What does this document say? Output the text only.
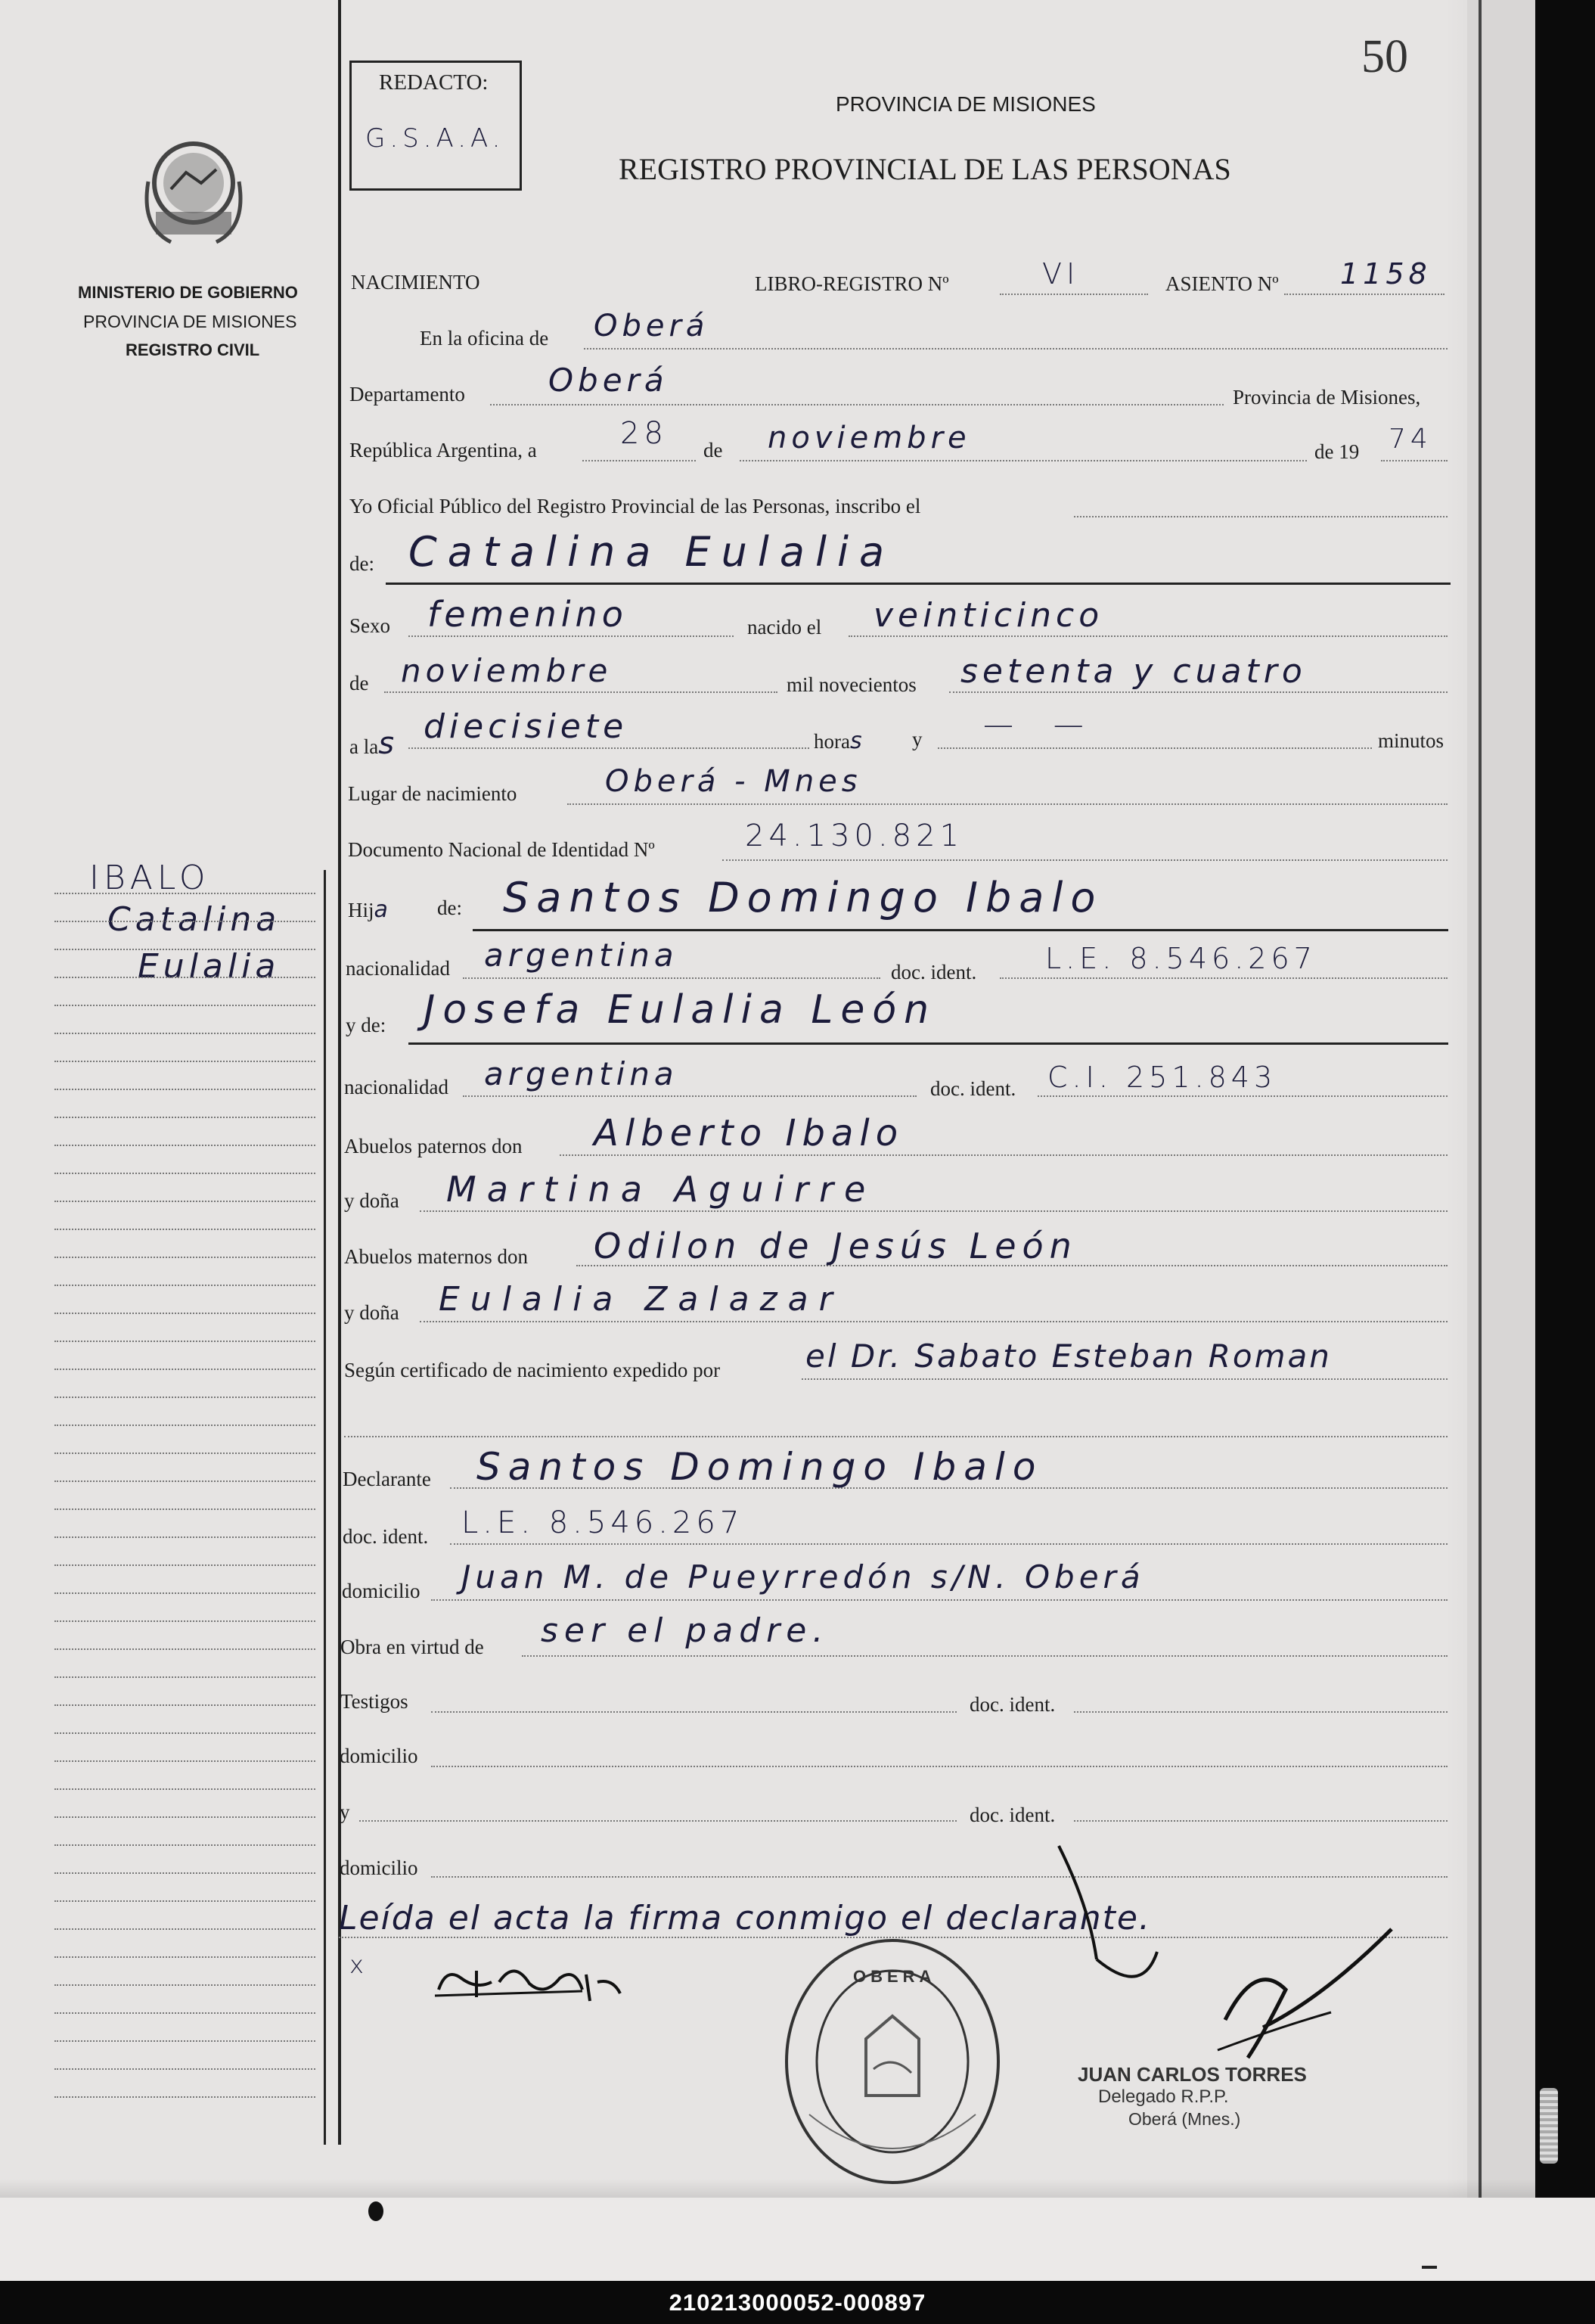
50
REDACTO:
G.S.A.A.
PROVINCIA DE MISIONES
REGISTRO PROVINCIAL DE LAS PERSONAS
MINISTERIO DE GOBIERNO
PROVINCIA DE MISIONES
REGISTRO CIVIL
IBALO
Catalina
Eulalia
NACIMIENTO	LIBRO-REGISTRO Nº	VI	ASIENTO Nº 1158
En la oficina de Oberá
Departamento	Oberá	Provincia de Misiones,
República Argentina, a	28 de noviembre	de 19 74
Yo Oficial Público del Registro Provincial de las Personas, inscribo el
de: Catalina Eulalia
Sexo femenino	nacido el veinticinco
de noviembre	mil novecientos setenta y cuatro
a las diecisiete	horas y — —	minutos
Lugar de nacimiento	Oberá - Mnes
Documento Nacional de Identidad Nº	24.130.821
Hija de: Santos Domingo Ibalo
nacionalidad argentina	doc. ident. L.E. 8.546.267
y de: Josefa Eulalia León
nacionalidad argentina	doc. ident. C.I. 251.843
Abuelos paternos don Alberto Ibalo
y doña Martina Aguirre
Abuelos maternos don Odilon de Jesús León
y doña Eulalia Zalazar
Según certificado de nacimiento expedido por	el Dr. Sabato Esteban Roman
Declarante Santos Domingo Ibalo
doc. ident. L.E. 8.546.267
domicilio Juan M. de Pueyrredón s/N. Oberá
Obra en virtud de ser el padre.
Testigos	doc. ident.
domicilio
y	doc. ident.
domicilio
Leída el acta la firma conmigo el declarante.
x	OBERA
JUAN CARLOS TORRES
Delegado R.P.P.
Oberá (Mnes.)
210213000052-000897
